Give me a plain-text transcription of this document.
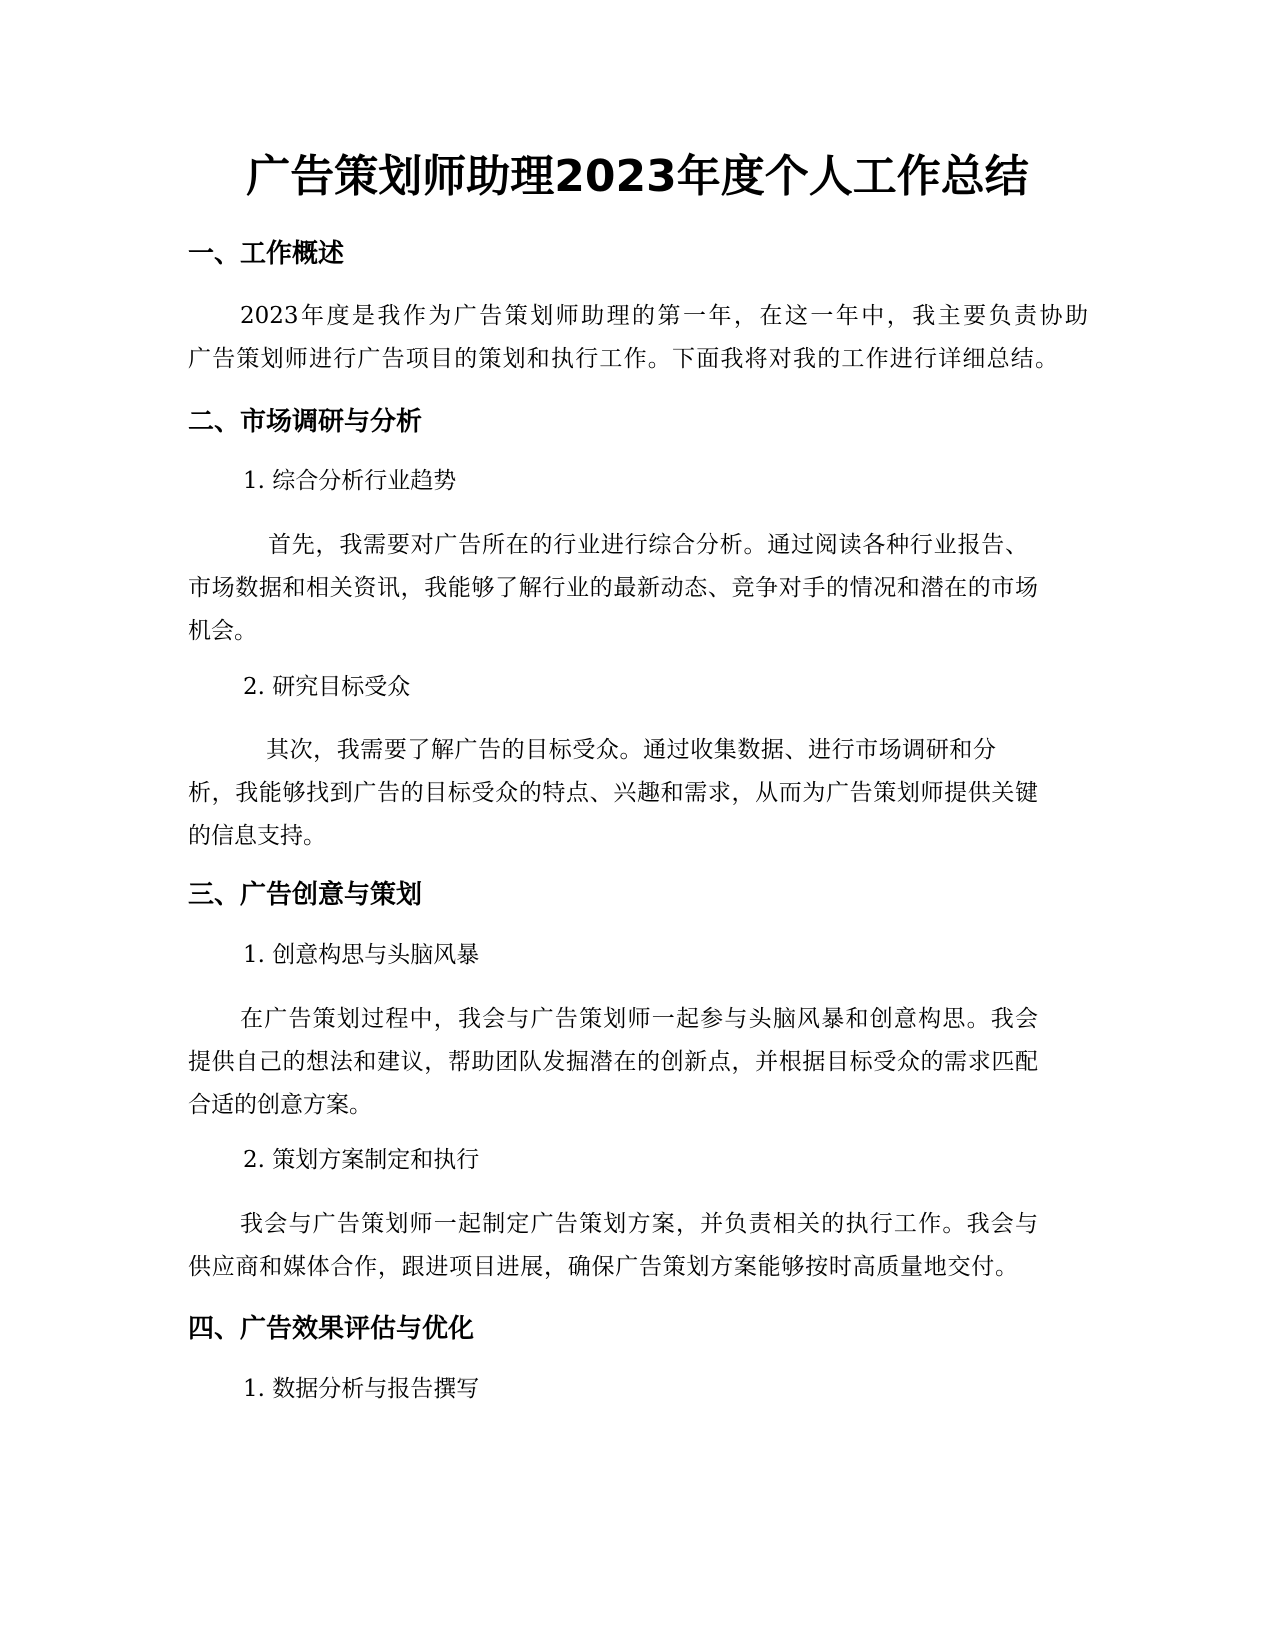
广告策划师助理2023年度个人工作总结
一、工作概述
2023年度是我作为广告策划师助理的第一年，在这一年中，我主要负责协助
广告策划师进行广告项目的策划和执行工作。下面我将对我的工作进行详细总结。
二、市场调研与分析
1. 综合分析行业趋势
首先，我需要对广告所在的行业进行综合分析。通过阅读各种行业报告、
市场数据和相关资讯，我能够了解行业的最新动态、竞争对手的情况和潜在的市场
机会。
2. 研究目标受众
其次，我需要了解广告的目标受众。通过收集数据、进行市场调研和分
析，我能够找到广告的目标受众的特点、兴趣和需求，从而为广告策划师提供关键
的信息支持。
三、广告创意与策划
1. 创意构思与头脑风暴
在广告策划过程中，我会与广告策划师一起参与头脑风暴和创意构思。我会
提供自己的想法和建议，帮助团队发掘潜在的创新点，并根据目标受众的需求匹配
合适的创意方案。
2. 策划方案制定和执行
我会与广告策划师一起制定广告策划方案，并负责相关的执行工作。我会与
供应商和媒体合作，跟进项目进展，确保广告策划方案能够按时高质量地交付。
四、广告效果评估与优化
1. 数据分析与报告撰写
